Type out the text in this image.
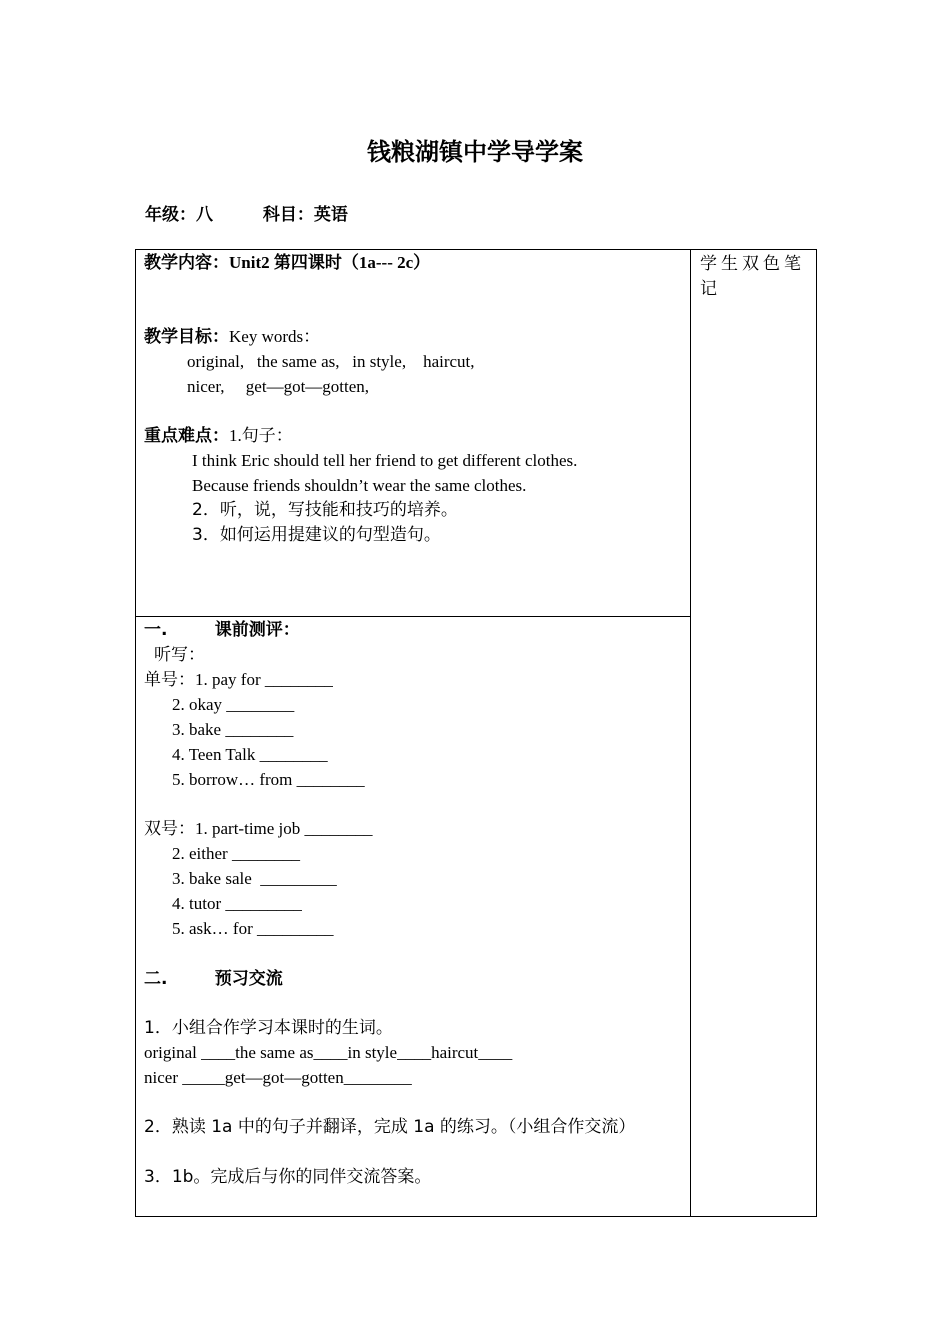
钱粮湖镇中学导学案
年级：八	科目：英语
教学内容：Unit2 第四课时（1a--- 2c）
教学目标：Key words：
original,   the same as,   in style,    haircut,
nicer,     get—got—gotten,
重点难点：1.句子：
I think Eric should tell her friend to get different clothes.
Because friends shouldn’t wear the same clothes.
2．听，说，写技能和技巧的培养。
3．如何运用提建议的句型造句。

学生双色笔记

一.        课前测评：
听写：
单号：1. pay for ________
2. okay ________
3. bake ________
4. Teen Talk ________
5. borrow… from ________
双号：1. part-time job ________
2. either ________
3. bake sale  _________
4. tutor _________
5. ask… for _________
二.        预习交流
1．小组合作学习本课时的生词。
original ____the same as____in style____haircut____
nicer _____get—got—gotten________
2．熟读 1a 中的句子并翻译，完成 1a 的练习。（小组合作交流）
3．1b。完成后与你的同伴交流答案。
